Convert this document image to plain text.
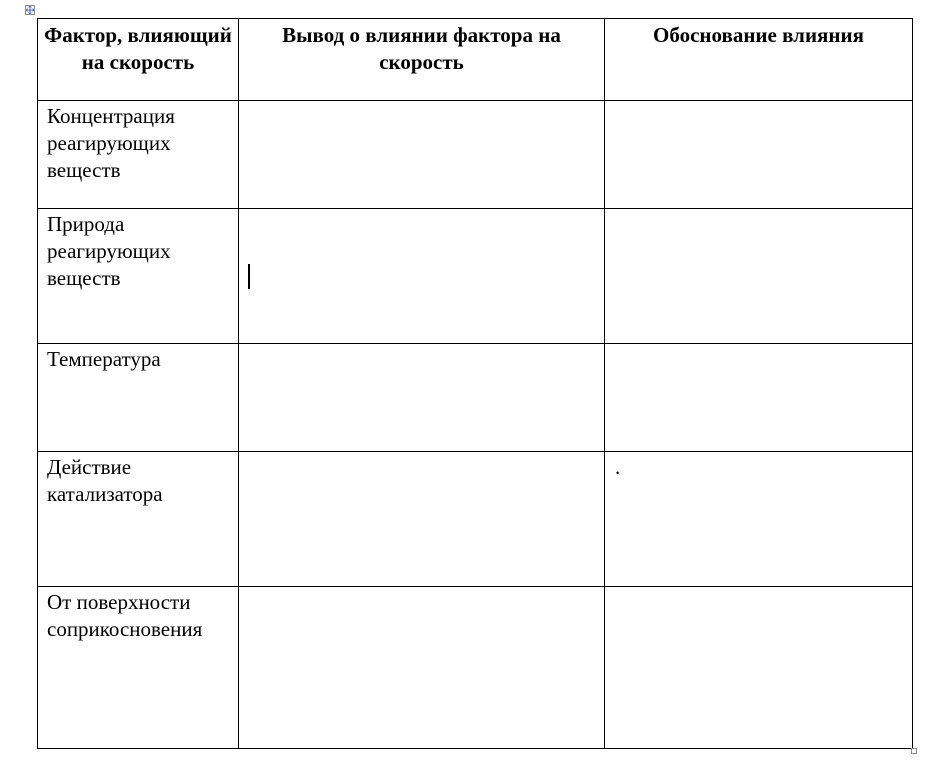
Фактор, влияющий на скорость	Вывод о влиянии фактора на скорость	Обоснование влияния
Концентрация реагирующих веществ		
Природа реагирующих веществ	

Температура		
Действие катализатора		.

От поверхности соприкосновения		
